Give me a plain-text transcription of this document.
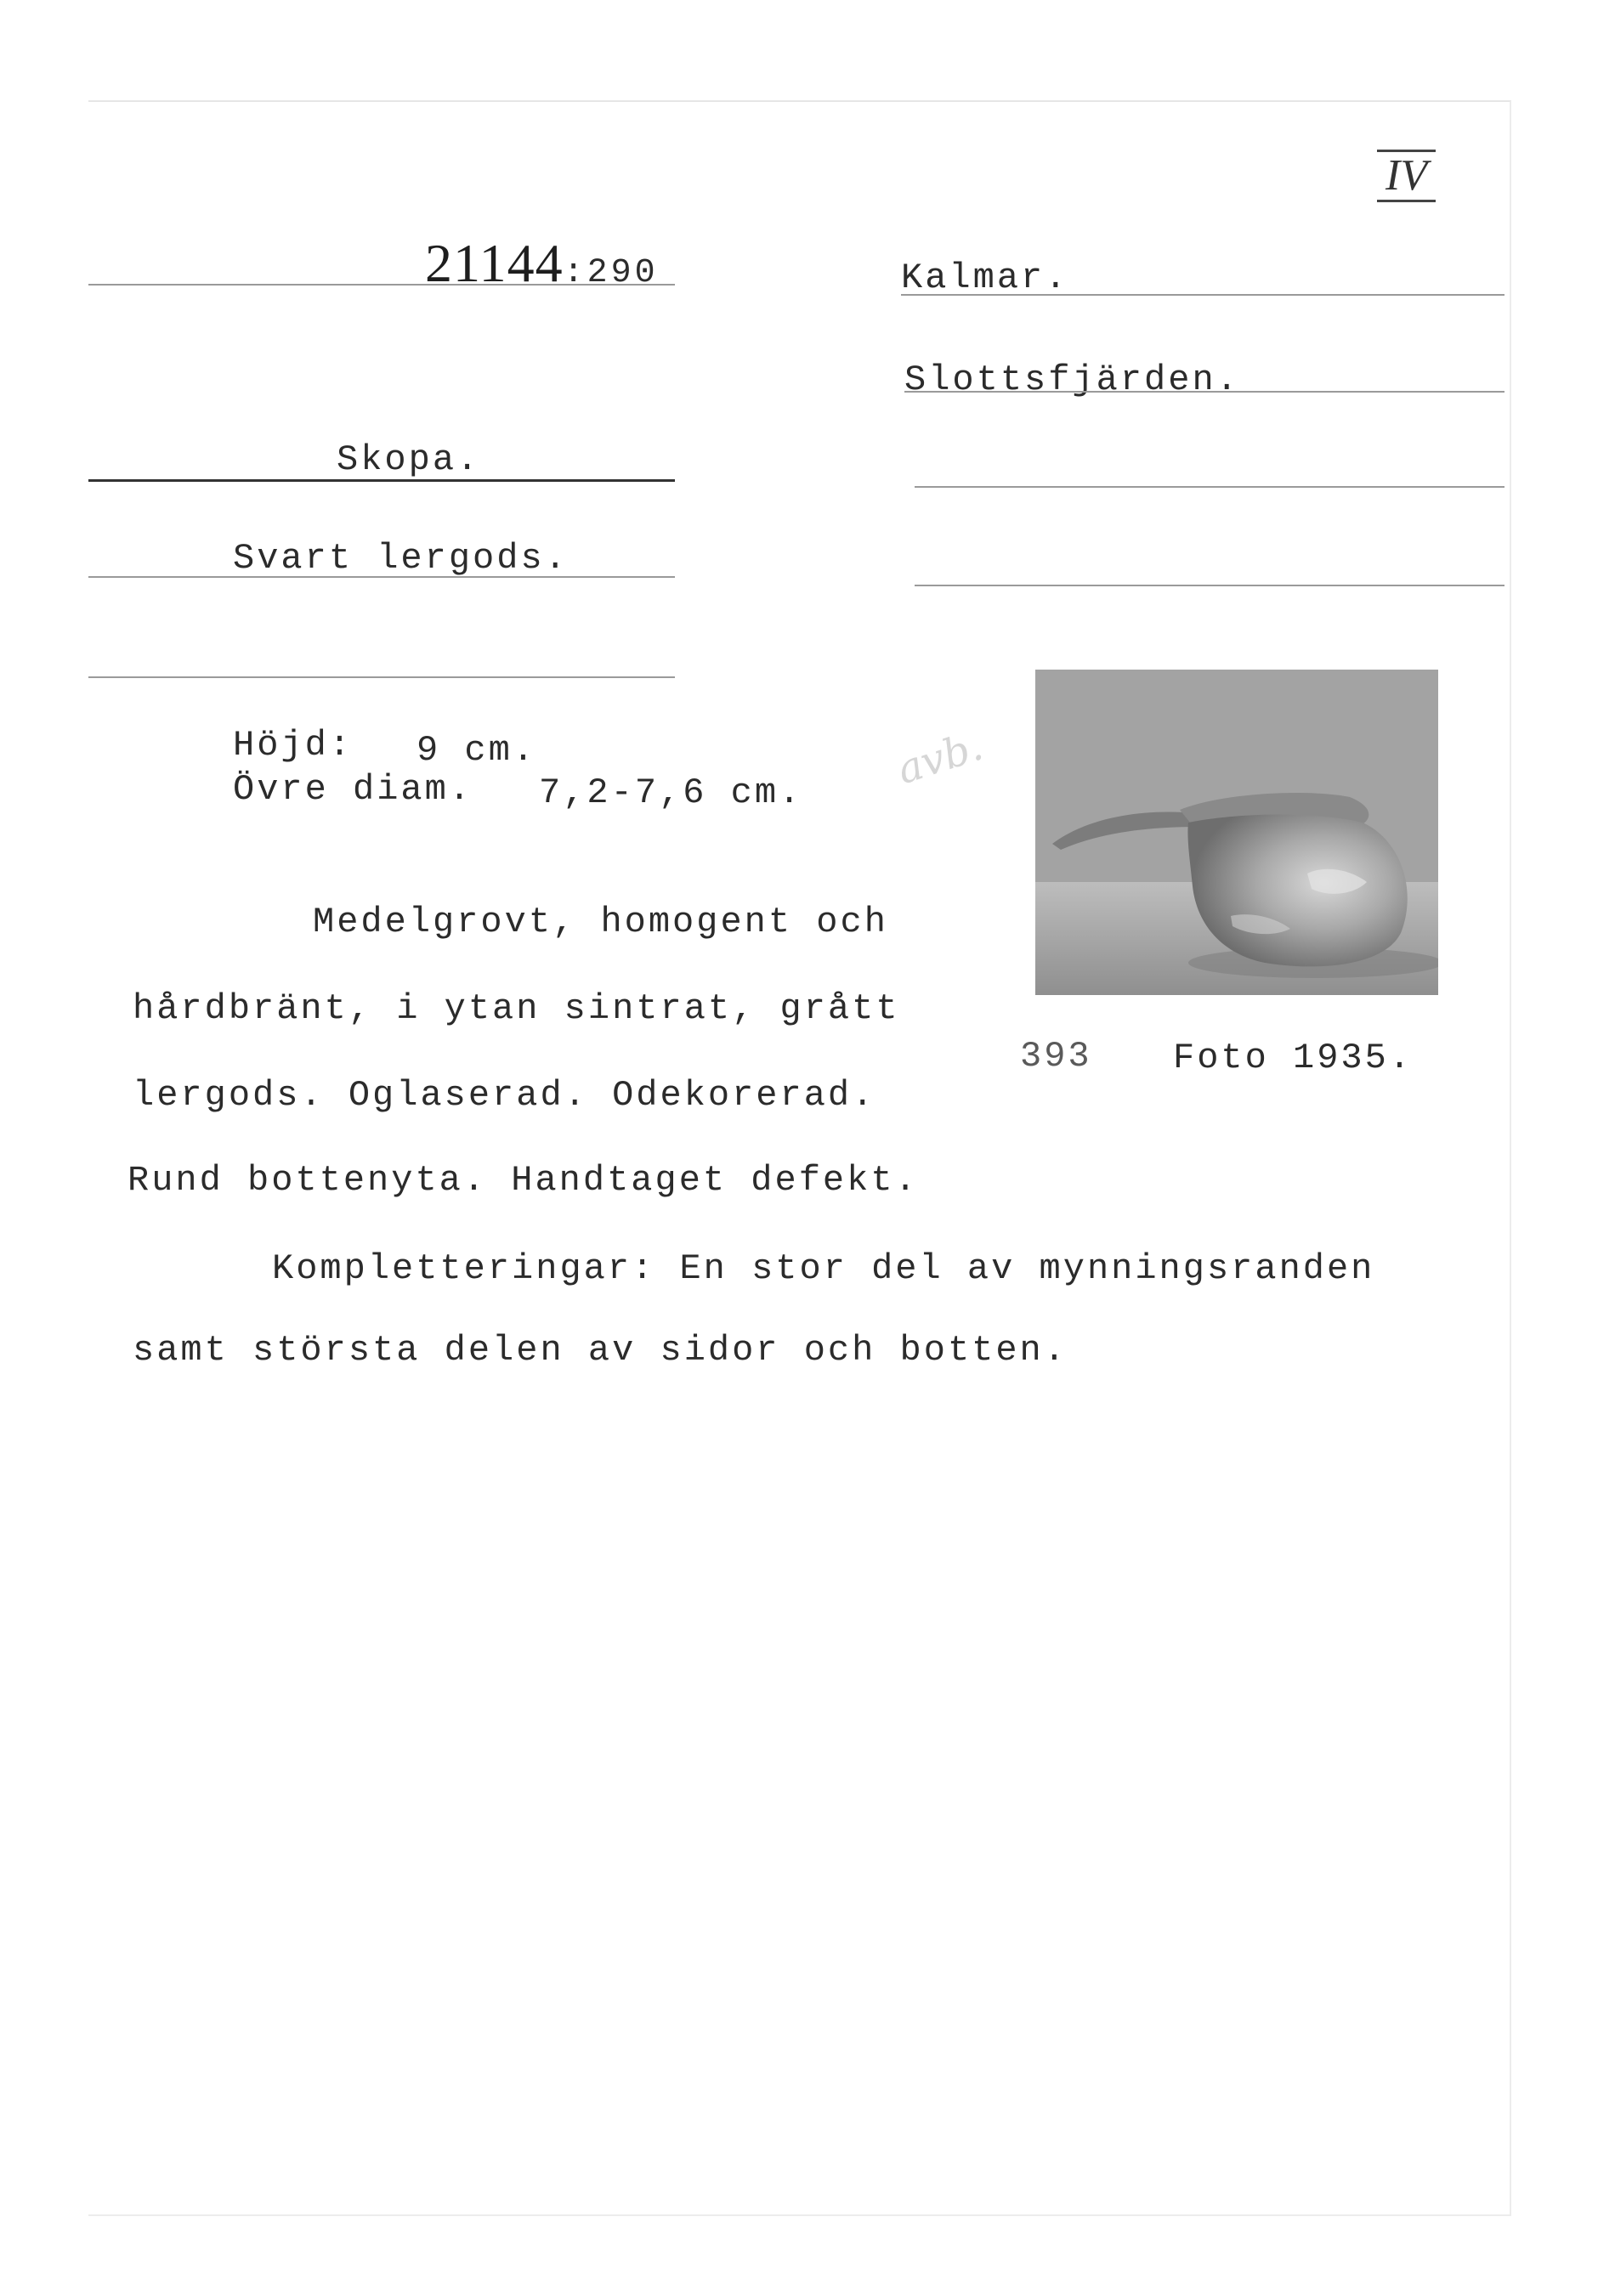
21144:290
IV
Kalmar.
Slottsfjärden.
Skopa.
Svart lergods.
Höjd: 9 cm.
Övre diam. 7,2-7,6 cm. avb.
393 Foto 1935.
Medelgrovt, homogent och
hårdbränt, i ytan sintrat, grått
lergods. Oglaserad. Odekorerad.
Rund bottenyta. Handtaget defekt.
Kompletteringar: En stor del av mynningsranden
samt största delen av sidor och botten.
